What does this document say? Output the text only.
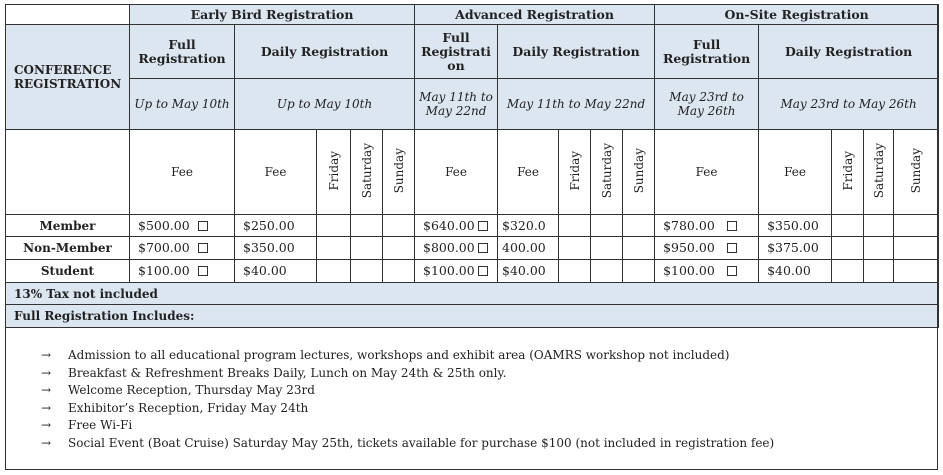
	Early Bird Registration					Advanced Registration					On-Site Registration				
CONFERENCE REGISTRATION	Full Registration	Daily Registration				Full Registrati on	Daily Registration				Full Registration	Daily Registration			
	Up to May 10th	Up to May 10th				May 11th to May 22nd	May 11th to May 22nd				May 23rd to May 26th	May 23rd to May 26th			
	Fee	Fee	Friday	Saturday	Sunday	Fee	Fee	Friday	Saturday	Sunday	Fee	Fee	Friday	Saturday	Sunday
Member	$500.00	$250.00				$640.00	$320.0				$780.00	$350.00			
Non-Member	$700.00	$350.00				$800.00	400.00				$950.00	$375.00			
Student	$100.00	$40.00				$100.00	$40.00				$100.00	$40.00			
13% Tax not included															
Full Registration Includes:															
→	Admission to all educational program lectures, workshops and exhibit area (OAMRS workshop not included)
→	Breakfast & Refreshment Breaks Daily, Lunch on May 24th & 25th only.
→	Welcome Reception, Thursday May 23rd
→	Exhibitor’s Reception, Friday May 24th
→	Free Wi-Fi
→	Social Event (Boat Cruise) Saturday May 25th, tickets available for purchase $100 (not included in registration fee)
